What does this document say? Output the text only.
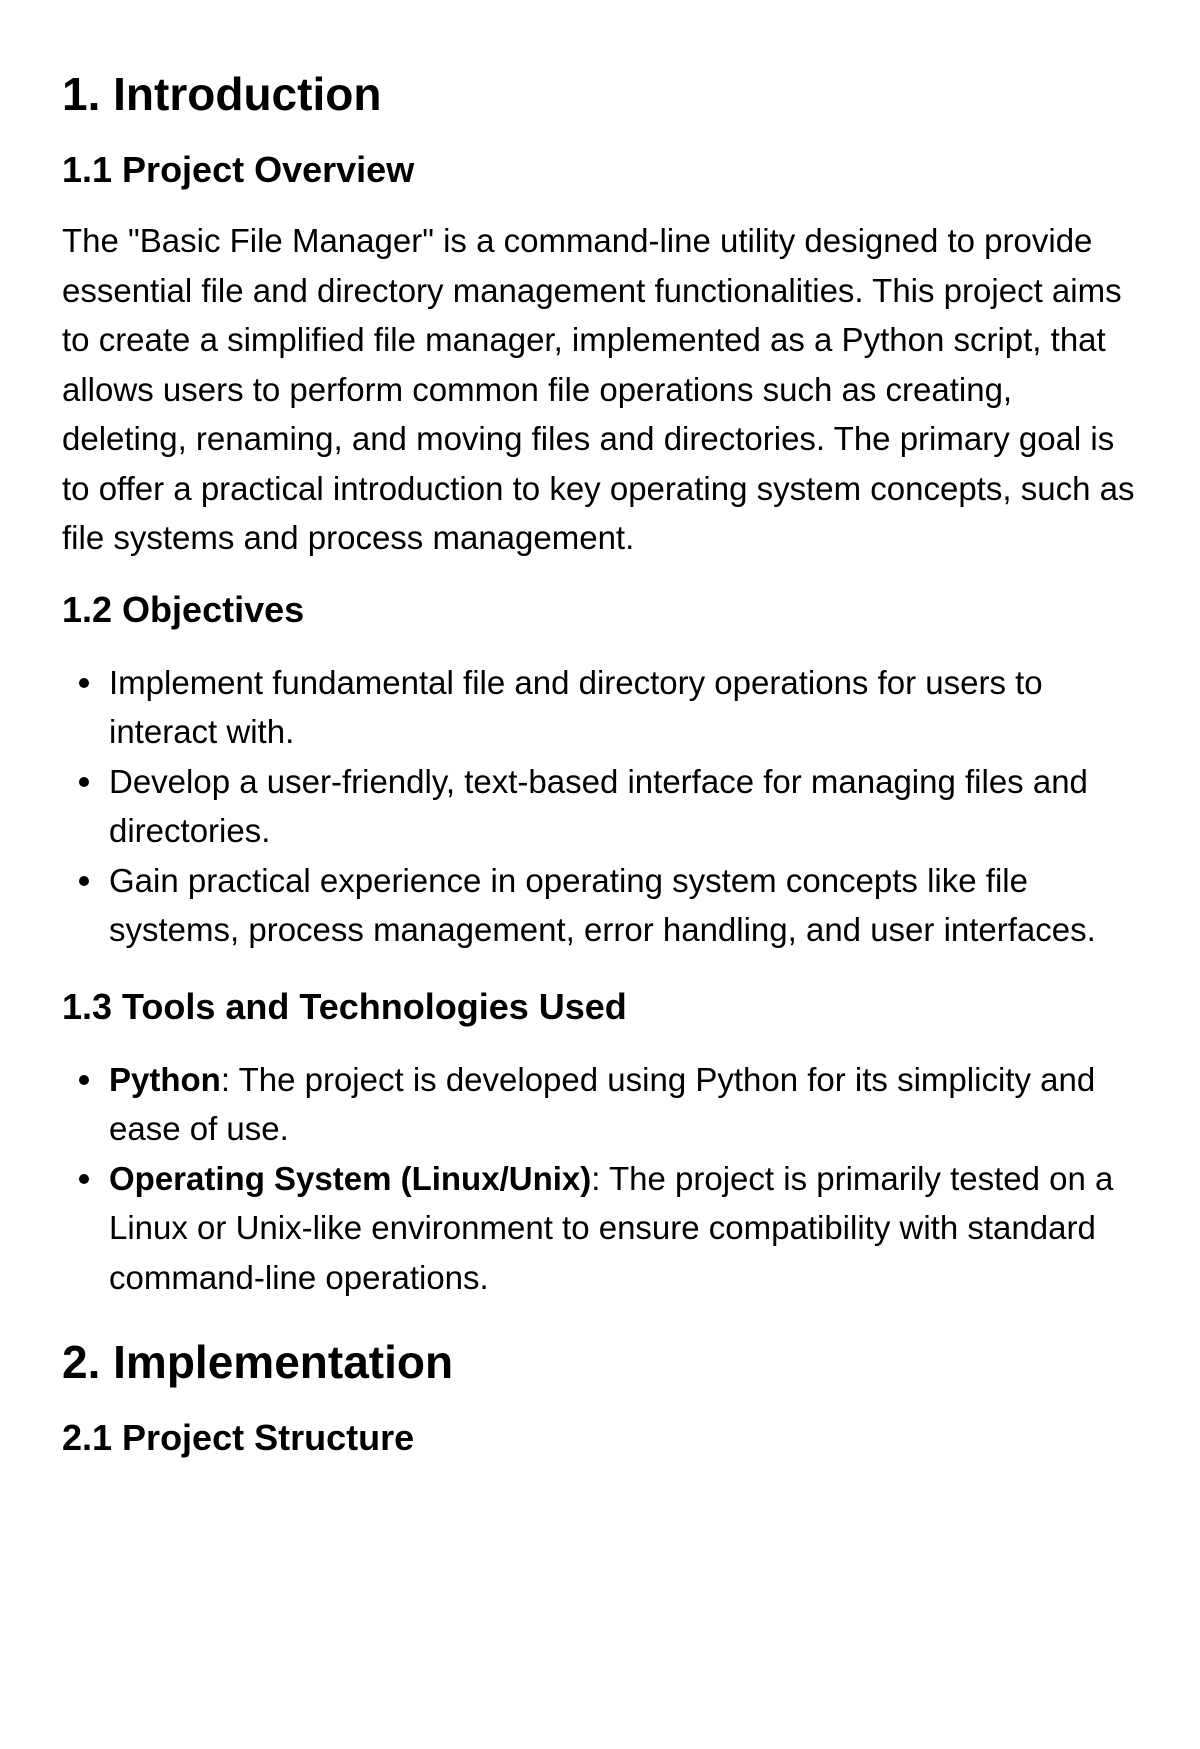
1. Introduction
1.1 Project Overview

The "Basic File Manager" is a command-line utility designed to provide essential file and directory management functionalities. This project aims to create a simplified file manager, implemented as a Python script, that allows users to perform common file operations such as creating, deleting, renaming, and moving files and directories. The primary goal is to offer a practical introduction to key operating system concepts, such as file systems and process management.

1.2 Objectives
Implement fundamental file and directory operations for users to interact with.
Develop a user-friendly, text-based interface for managing files and directories.
Gain practical experience in operating system concepts like file systems, process management, error handling, and user interfaces.
1.3 Tools and Technologies Used
Python: The project is developed using Python for its simplicity and ease of use.
Operating System (Linux/Unix): The project is primarily tested on a Linux or Unix-like environment to ensure compatibility with standard command-line operations.
2. Implementation
2.1 Project Structure
